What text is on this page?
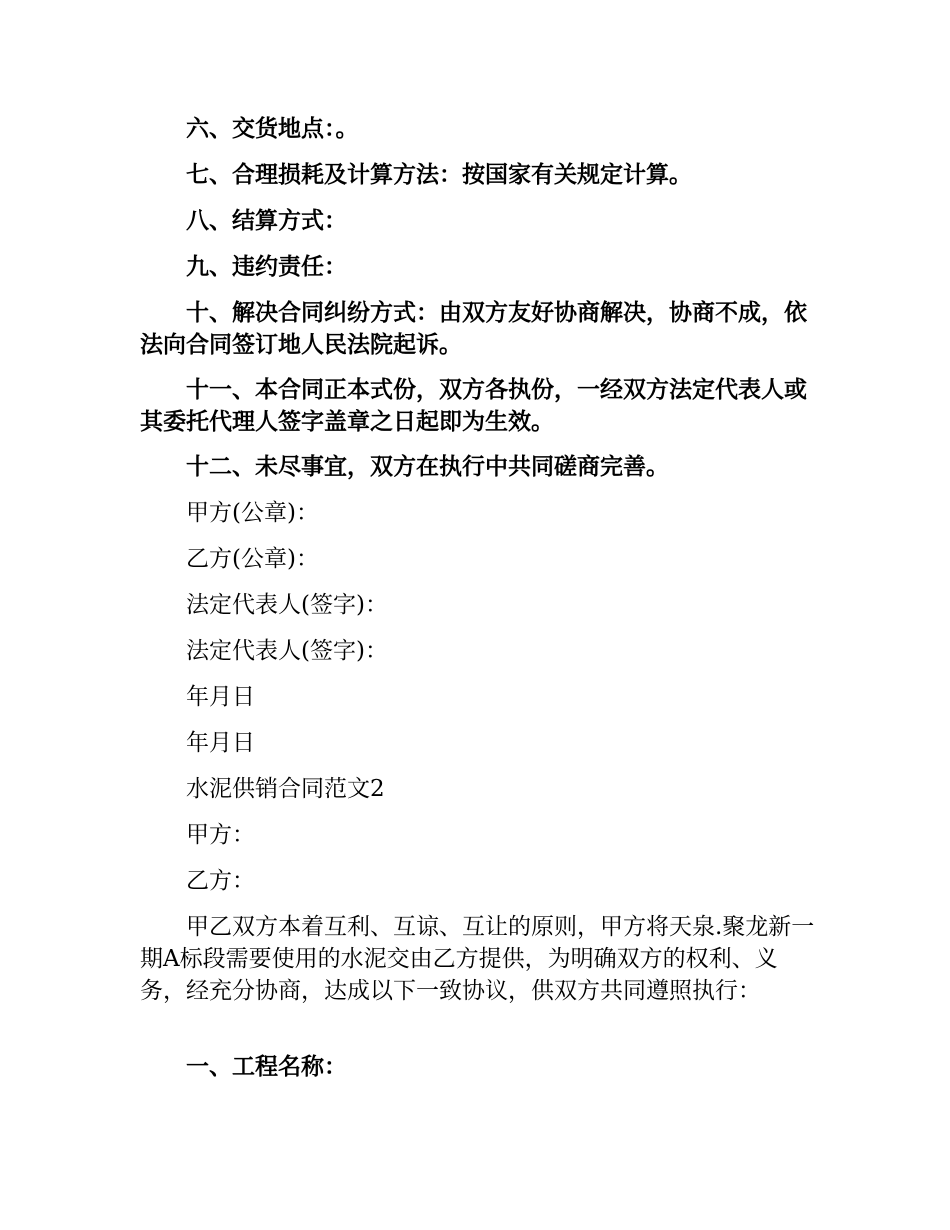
六、交货地点：。

七、合理损耗及计算方法：按国家有关规定计算。

八、结算方式：

九、违约责任：

十、解决合同纠纷方式：由双方友好协商解决，协商不成，依法向合同签订地人民法院起诉。

十一、本合同正本式份，双方各执份，一经双方法定代表人或其委托代理人签字盖章之日起即为生效。

十二、未尽事宜，双方在执行中共同磋商完善。

甲方(公章)：

乙方(公章)：

法定代表人(签字)：

法定代表人(签字)：

年月日

年月日

水泥供销合同范文2

甲方：

乙方：

甲乙双方本着互利、互谅、互让的原则，甲方将天泉.聚龙新一期A标段需要使用的水泥交由乙方提供，为明确双方的权利、义务，经充分协商，达成以下一致协议，供双方共同遵照执行：

一、工程名称：
